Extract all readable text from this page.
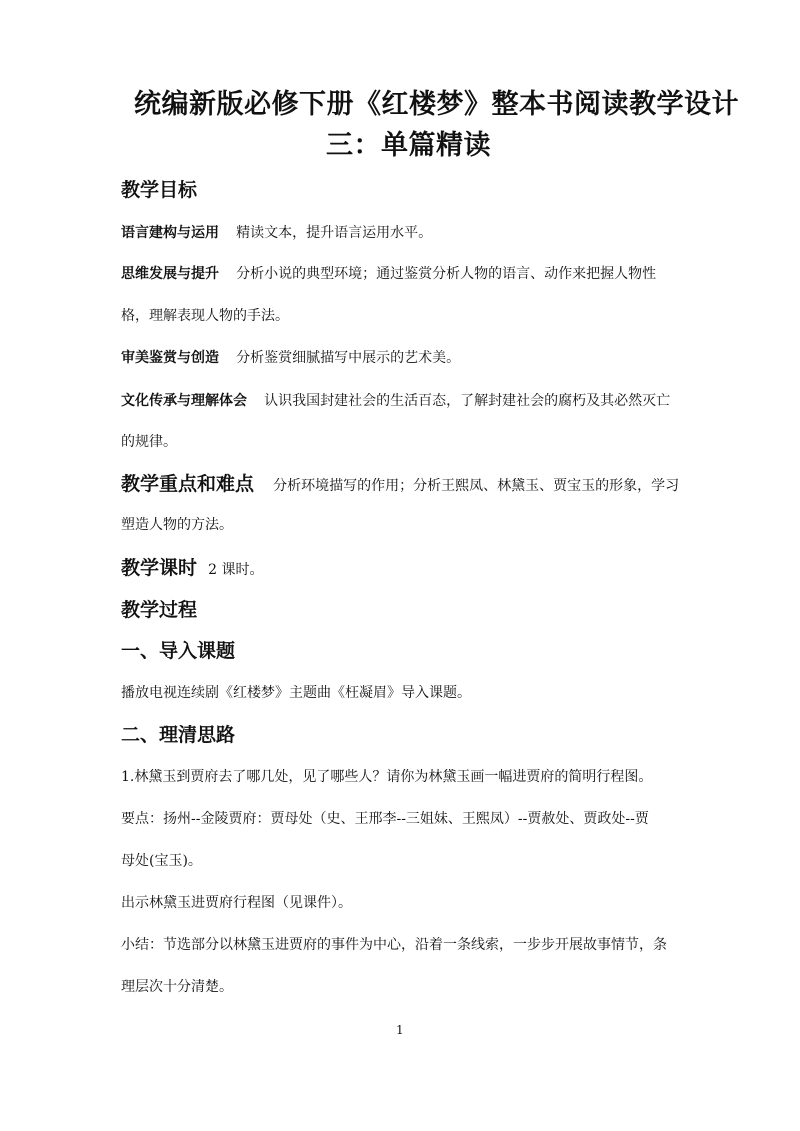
统编新版必修下册《红楼梦》整本书阅读教学设计
三：单篇精读
教学目标
语言建构与运用 精读文本，提升语言运用水平。
思维发展与提升 分析小说的典型环境；通过鉴赏分析人物的语言、动作来把握人物性
格，理解表现人物的手法。
审美鉴赏与创造 分析鉴赏细腻描写中展示的艺术美。
文化传承与理解体会 认识我国封建社会的生活百态，了解封建社会的腐朽及其必然灭亡
的规律。
教学重点和难点 分析环境描写的作用；分析王熙凤、林黛玉、贾宝玉的形象，学习
塑造人物的方法。
教学课时 2 课时。
教学过程
一、导入课题
播放电视连续剧《红楼梦》主题曲《枉凝眉》导入课题。
二、理清思路
1.林黛玉到贾府去了哪几处，见了哪些人？请你为林黛玉画一幅进贾府的简明行程图。
要点：扬州--金陵贾府：贾母处（史、王邢李--三姐妹、王熙凤）--贾赦处、贾政处--贾
母处(宝玉)。
出示林黛玉进贾府行程图（见课件）。
小结：节选部分以林黛玉进贾府的事件为中心，沿着一条线索，一步步开展故事情节，条
理层次十分清楚。
1
